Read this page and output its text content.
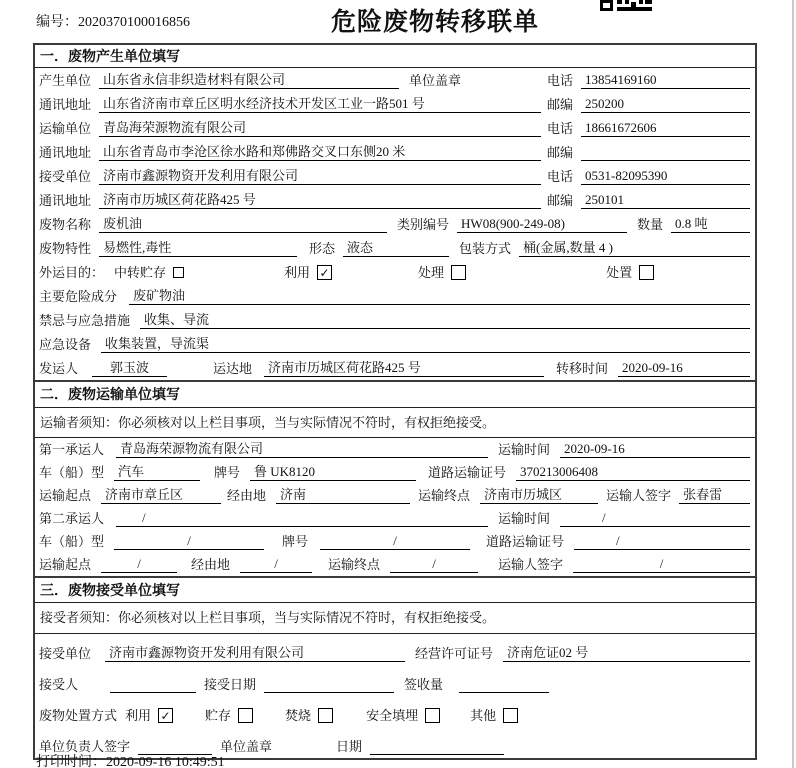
编号：2020370100016856	危险废物转移联单
一．废物产生单位填写
产生单位 山东省永信非织造材料有限公司	单位盖章	电话 13854169160
通讯地址 山东省济南市章丘区明水经济技术开发区工业一路501 号	邮编 250200
运输单位 青岛海荣源物流有限公司	电话 18661672606
通讯地址 山东省青岛市李沧区徐水路和郑佛路交叉口东侧20 米	邮编
接受单位 济南市鑫源物资开发利用有限公司	电话 0531-82095390
通讯地址 济南市历城区荷花路425 号	邮编 250101
废物名称 废机油	类别编号 HW08(900-249-08)	数量 0.8 吨
废物特性 易燃性,毒性	形态 液态	包装方式 桶(金属,数量 4 )
外运目的： 中转贮存	利用 ✓	处理	处置
主要危险成分	废矿物油
禁忌与应急措施	收集、导流
应急设备	收集装置，导流渠
发运人	郭玉波	运达地	济南市历城区荷花路425 号	转移时间	2020-09-16
二．废物运输单位填写
运输者须知：你必须核对以上栏目事项，当与实际情况不符时，有权拒绝接受。
第一承运人	青岛海荣源物流有限公司	运输时间	2020-09-16
车（船）型	汽车	牌号	鲁 UK8120	道路运输证号	370213006408
运输起点	济南市章丘区	经由地	济南	运输终点	济南市历城区	运输人签字 张春雷
第二承运人	/	运输时间	/
车（船）型	/	牌号	/	道路运输证号	/
运输起点	/	经由地	/	运输终点	/	运输人签字	/
三．废物接受单位填写
接受者须知：你必须核对以上栏目事项，当与实际情况不符时，有权拒绝接受。
接受单位	济南市鑫源物资开发利用有限公司	经营许可证号	济南危证02 号
接受人	接受日期	签收量
废物处置方式 利用 ✓	贮存	焚烧	安全填埋	其他
单位负责人签字	单位盖章	日期
打印时间：2020-09-16 10:49:51
